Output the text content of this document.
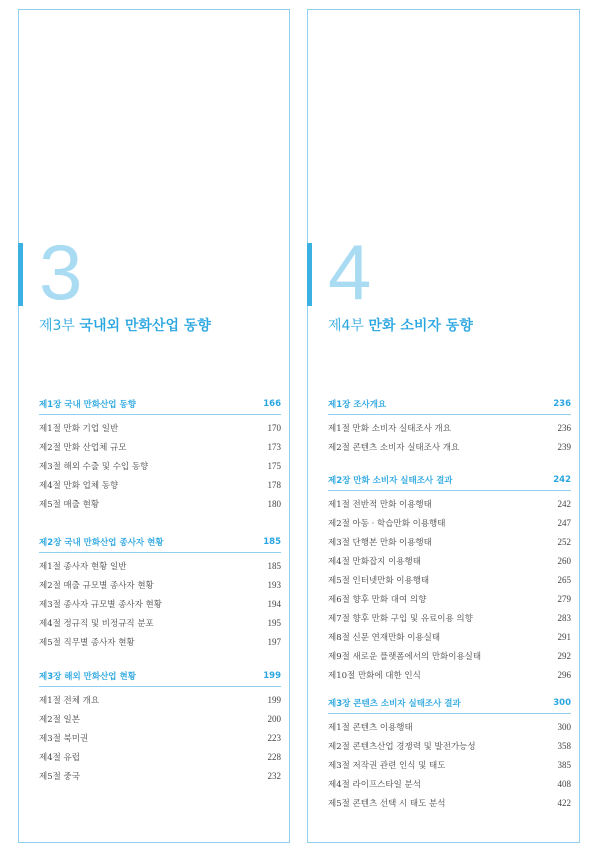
3
제3부 국내외 만화산업 동향
제1장 국내 만화산업 동향	166
제1절 만화 기업 일반	170
제2절 만화 산업체 규모	173
제3절 해외 수출 및 수입 동향	175
제4절 만화 업체 동향	178
제5절 매출 현황	180
제2장 국내 만화산업 종사자 현황	185
제1절 종사자 현황 일반	185
제2절 매출 규모별 종사자 현황	193
제3절 종사자 규모별 종사자 현황	194
제4절 정규직 및 비정규직 분포	195
제5절 직무별 종사자 현황	197
제3장 해외 만화산업 현황	199
제1절 전체 개요	199
제2절 일본	200
제3절 북미권	223
제4절 유럽	228
제5절 중국	232
4
제4부 만화 소비자 동향
제1장 조사개요	236
제1절 만화 소비자 실태조사 개요	236
제2절 콘텐츠 소비자 실태조사 개요	239
제2장 만화 소비자 실태조사 결과	242
제1절 전반적 만화 이용행태	242
제2절 아동 · 학습만화 이용행태	247
제3절 단행본 만화 이용행태	252
제4절 만화잡지 이용행태	260
제5절 인터넷만화 이용행태	265
제6절 향후 만화 대여 의향	279
제7절 향후 만화 구입 및 유료이용 의향	283
제8절 신문 연재만화 이용실태	291
제9절 새로운 플랫폼에서의 만화이용실태	292
제10절 만화에 대한 인식	296
제3장 콘텐츠 소비자 실태조사 결과	300
제1절 콘텐츠 이용행태	300
제2절 콘텐츠산업 경쟁력 및 발전가능성	358
제3절 저작권 관련 인식 및 태도	385
제4절 라이프스타일 분석	408
제5절 콘텐츠 선택 시 태도 분석	422
